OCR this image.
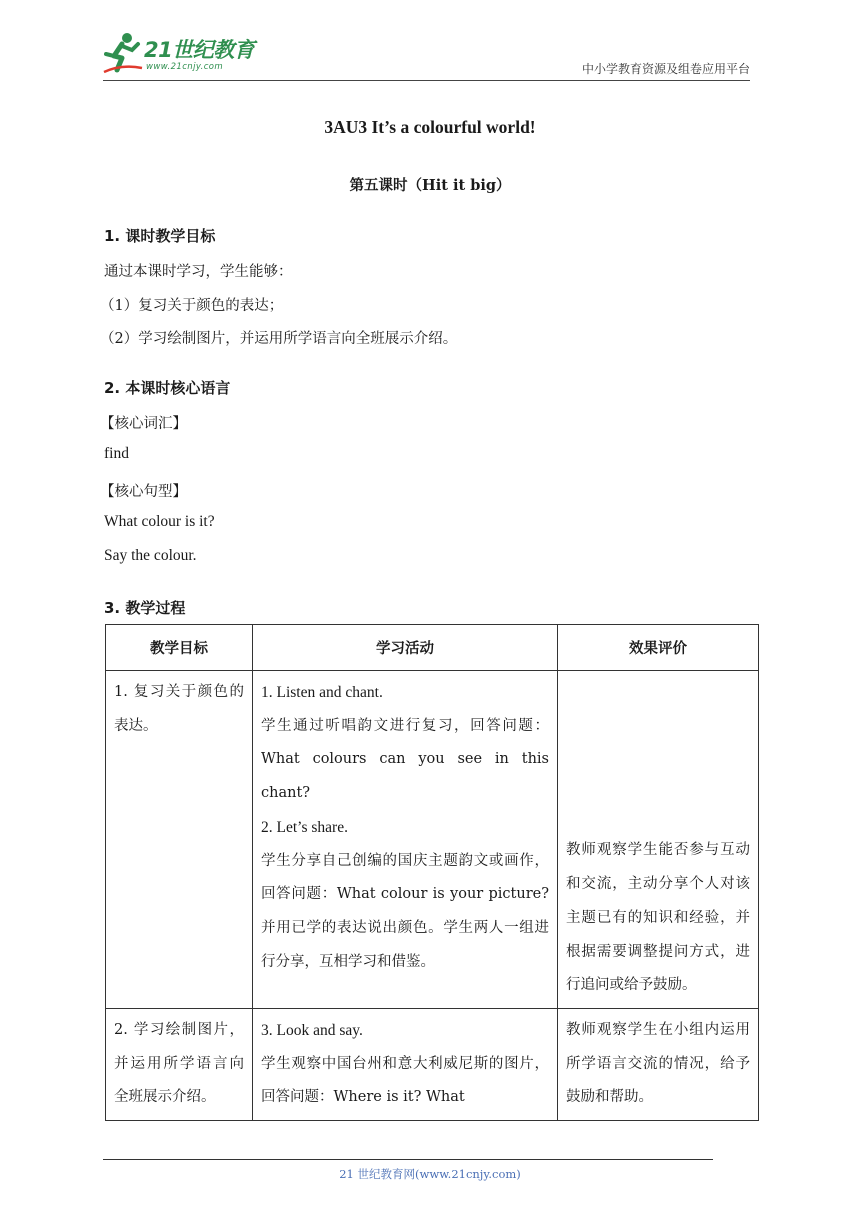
21世纪教育
www.21cnjy.com	中小学教育资源及组卷应用平台
3AU3 It’s a colourful world!
第五课时（Hit it big）
1. 课时教学目标
通过本课时学习，学生能够：
（1）复习关于颜色的表达；
（2）学习绘制图片，并运用所学语言向全班展示介绍。
2. 本课时核心语言
【核心词汇】
find
【核心句型】
What colour is it?
Say the colour.
3. 教学过程
教学目标	学习活动	效果评价

1. 复习关于颜色的表达。	1. Listen and chant.

学生通过听唱韵文进行复习，回答问题：What colours can you see in this chant?

2. Let’s share.

学生分享自己创编的国庆主题韵文或画作，回答问题：What colour is your picture?并用已学的表达说出颜色。学生两人一组进行分享，互相学习和借鉴。	教师观察学生能否参与互动和交流，主动分享个人对该主题已有的知识和经验，并根据需要调整提问方式，进行追问或给予鼓励。

2. 学习绘制图片，并运用所学语言向全班展示介绍。	3. Look and say.

学生观察中国台州和意大利威尼斯的图片，回答问题：Where is it? What	教师观察学生在小组内运用所学语言交流的情况，给予鼓励和帮助。

21 世纪教育网(www.21cnjy.com)
